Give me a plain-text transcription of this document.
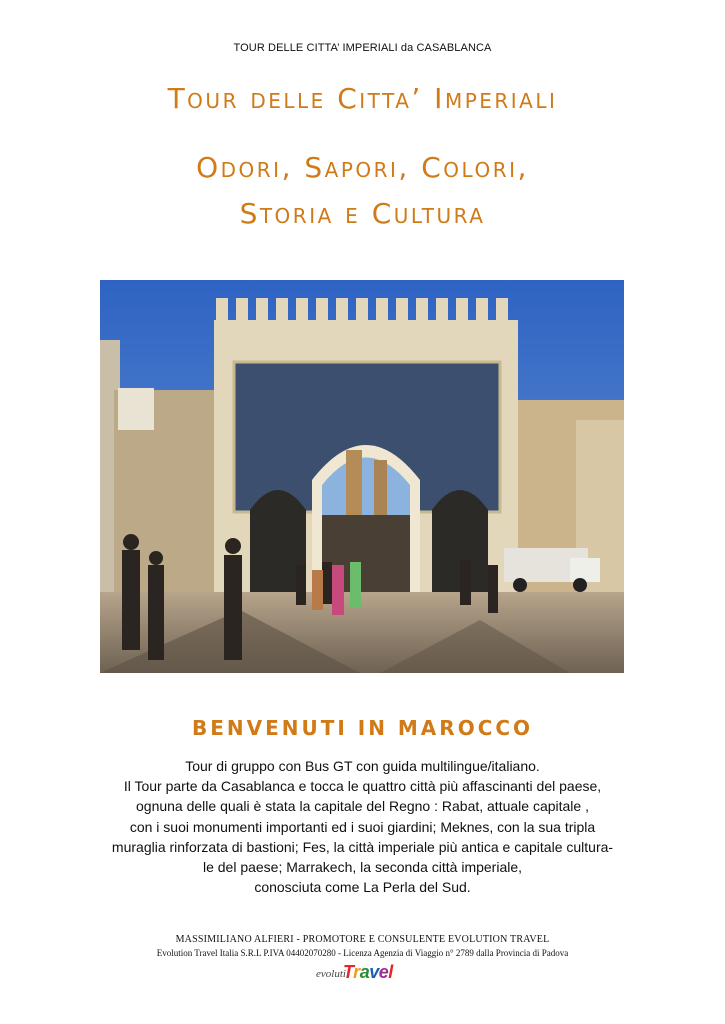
TOUR DELLE CITTA’ IMPERIALI da CASABLANCA
Tour delle Citta’ Imperiali
Odori, Sapori, Colori,
Storia e Cultura
BENVENUTI IN MAROCCO
Tour di gruppo con Bus GT con guida multilingue/italiano.
Il Tour parte da Casablanca e tocca le quattro città più affascinanti del paese,
ognuna delle quali è stata la capitale del Regno : Rabat, attuale capitale ,
con i suoi monumenti importanti ed i suoi giardini; Meknes, con la sua tripla
muraglia rinforzata di bastioni; Fes, la città imperiale più antica e capitale cultura-
le del paese; Marrakech, la seconda città imperiale,
conosciuta come La Perla del Sud.
MASSIMILIANO ALFIERI - PROMOTORE E CONSULENTE EVOLUTION TRAVEL
Evolution Travel Italia S.R.L P.IVA 04402070280 - Licenza Agenzia di Viaggio n° 2789 dalla Provincia di Padova
evoluti
Travel
